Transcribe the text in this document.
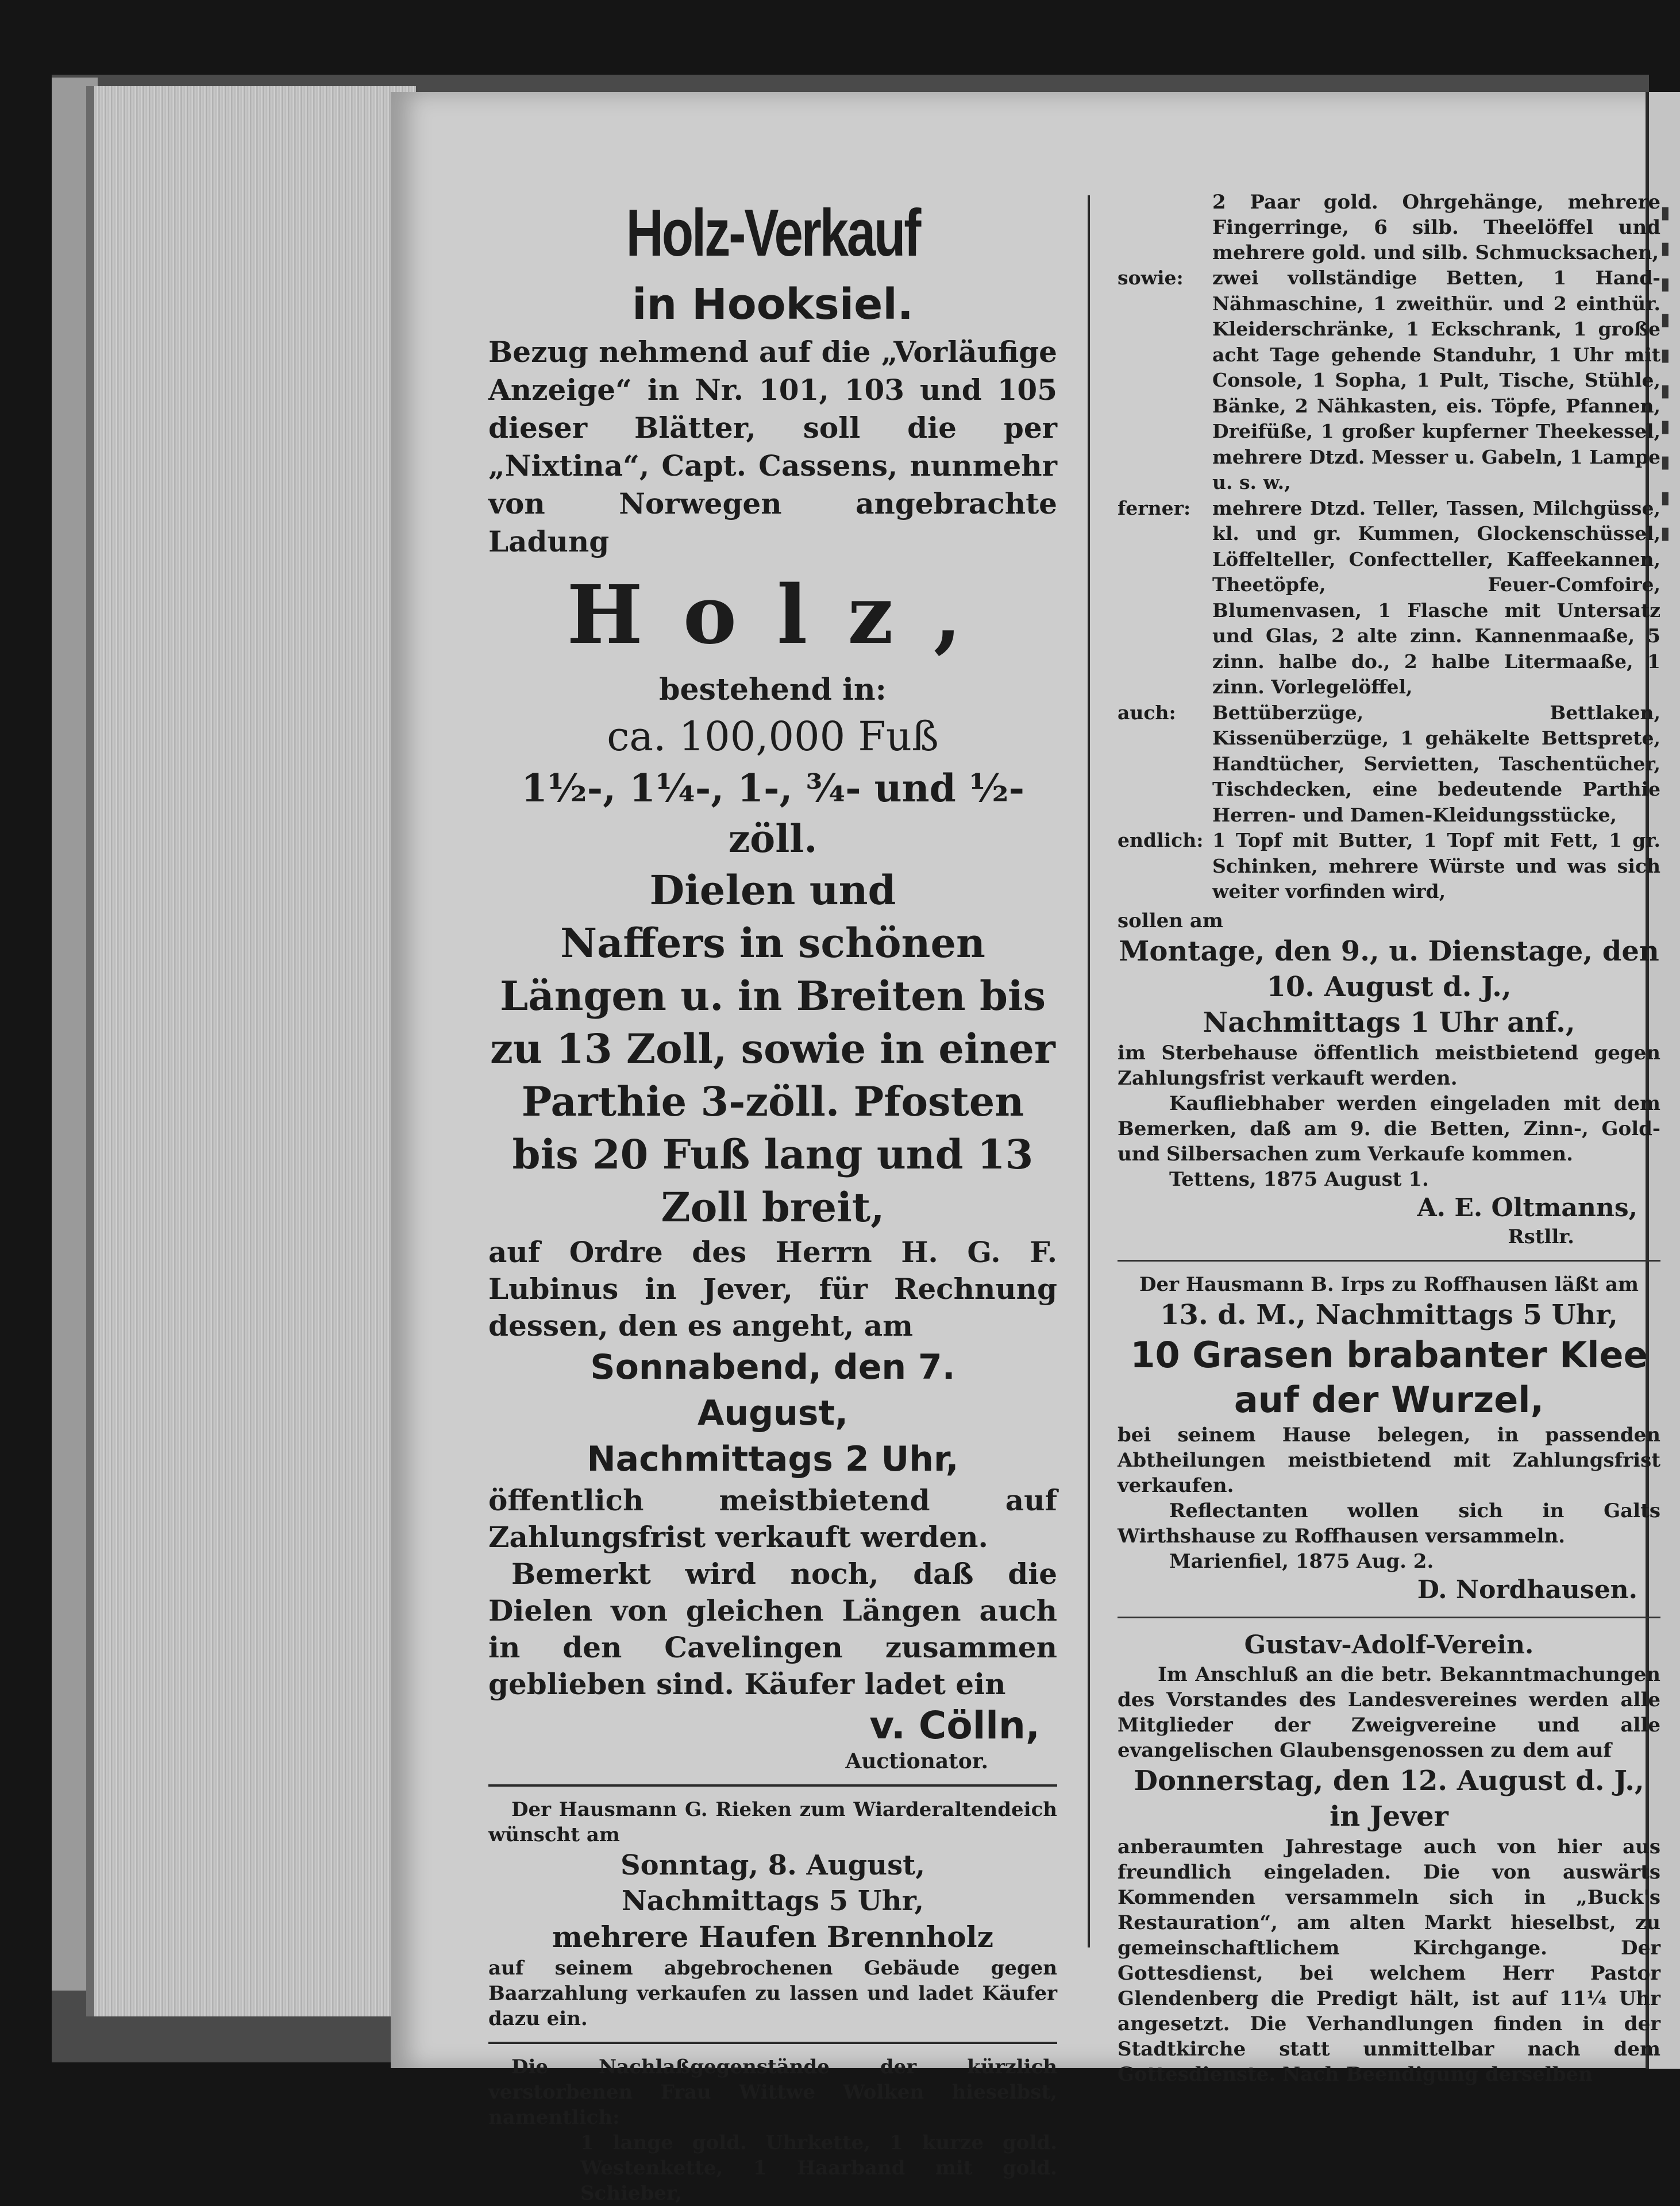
Holz-Verkauf

in Hooksiel.

Bezug nehmend auf die „Vorläufige Anzeige“ in Nr. 101, 103 und 105 dieser Blätter, soll die per „Nixtina“, Capt. Cassens, nunmehr von Norwegen angebrachte Ladung

Holz,

bestehend in:

ca. 100,000 Fuß

1½-, 1¼-, 1-, ¾- und ½-zöll.

Dielen und

Naffers in schönen Längen u. in Breiten bis zu 13 Zoll, sowie in einer Parthie 3-zöll. Pfosten bis 20 Fuß lang und 13 Zoll breit,

auf Ordre des Herrn H. G. F. Lubinus in Jever, für Rechnung dessen, den es angeht, am

Sonnabend, den 7.

August,

Nachmittags 2 Uhr,

öffentlich meistbietend auf Zahlungsfrist verkauft werden.

Bemerkt wird noch, daß die Dielen von gleichen Längen auch in den Cavelingen zusammen geblieben sind. Käufer ladet ein

v. Cölln,

Auctionator.

Der Hausmann G. Rieken zum Wiarderaltendeich wünscht am

Sonntag, 8. August,

Nachmittags 5 Uhr,

mehrere Haufen Brennholz

auf seinem abgebrochenen Gebäude gegen Baarzahlung verkaufen zu lassen und ladet Käufer dazu ein.

Die Nachlaßgegenstände der kürzlich verstorbenen Frau Wittwe Wolken hieselbst, namentlich:

1 lange gold. Uhrkette, 1 kurze gold. Westenkette, 1 Haarband mit gold. Schieber,

2 Paar gold. Ohrgehänge, mehrere Fingerringe, 6 silb. Theelöffel und mehrere gold. und silb. Schmucksachen,

sowie:	zwei vollständige Betten, 1 Hand-Nähmaschine, 1 zweithür. und 2 einthür. Kleiderschränke, 1 Eckschrank, 1 große acht Tage gehende Standuhr, 1 Uhr mit Console, 1 Sopha, 1 Pult, Tische, Stühle, Bänke, 2 Nähkasten, eis. Töpfe, Pfannen, Dreifüße, 1 großer kupferner Theekessel, mehrere Dtzd. Messer u. Gabeln, 1 Lampe u. s. w.,
ferner:	mehrere Dtzd. Teller, Tassen, Milchgüsse, kl. und gr. Kummen, Glockenschüssel, Löffelteller, Confectteller, Kaffeekannen, Theetöpfe, Feuer-Comfoire, Blumenvasen, 1 Flasche mit Untersatz und Glas, 2 alte zinn. Kannenmaaße, 5 zinn. halbe do., 2 halbe Litermaaße, 1 zinn. Vorlegelöffel,
auch:	Bettüberzüge, Bettlaken, Kissenüberzüge, 1 gehäkelte Bettsprete, Handtücher, Servietten, Taschentücher, Tischdecken, eine bedeutende Parthie Herren- und Damen-Kleidungsstücke,
endlich: 1 Topf mit Butter, 1 Topf mit Fett, 1 gr. Schinken, mehrere Würste und was sich weiter vorfinden wird,

sollen am

Montage, den 9., u. Dienstage, den 10. August d. J.,

Nachmittags 1 Uhr anf.,

im Sterbehause öffentlich meistbietend gegen Zahlungsfrist verkauft werden.

Kaufliebhaber werden eingeladen mit dem Bemerken, daß am 9. die Betten, Zinn-, Gold- und Silbersachen zum Verkaufe kommen.

Tettens, 1875 August 1.

A. E. Oltmanns,

Rstllr.

Der Hausmann B. Irps zu Roffhausen läßt am

13. d. M., Nachmittags 5 Uhr,

10 Grasen brabanter Klee auf der Wurzel,

bei seinem Hause belegen, in passenden Abtheilungen meistbietend mit Zahlungsfrist verkaufen.

Reflectanten wollen sich in Galts Wirthshause zu Roffhausen versammeln.

Marienfiel, 1875 Aug. 2.

D. Nordhausen.

Gustav-Adolf-Verein.

Im Anschluß an die betr. Bekanntmachungen des Vorstandes des Landesvereines werden alle Mitglieder der Zweigvereine und alle evangelischen Glaubensgenossen zu dem auf

Donnerstag, den 12. August d. J.,

in Jever

anberaumten Jahrestage auch von hier aus freundlich eingeladen. Die von auswärts Kommenden versammeln sich in „Buck's Restauration“, am alten Markt hieselbst, zu gemeinschaftlichem Kirchgange. Der Gottesdienst, bei welchem Herr Pastor Glendenberg die Predigt hält, ist auf 11¼ Uhr angesetzt. Die Verhandlungen finden in der Stadtkirche statt unmittelbar nach dem Gottesdienste. Nach Beendigung derselben

▮
▮
▮
▮
▮
▮
▮
▮
▮
▮
